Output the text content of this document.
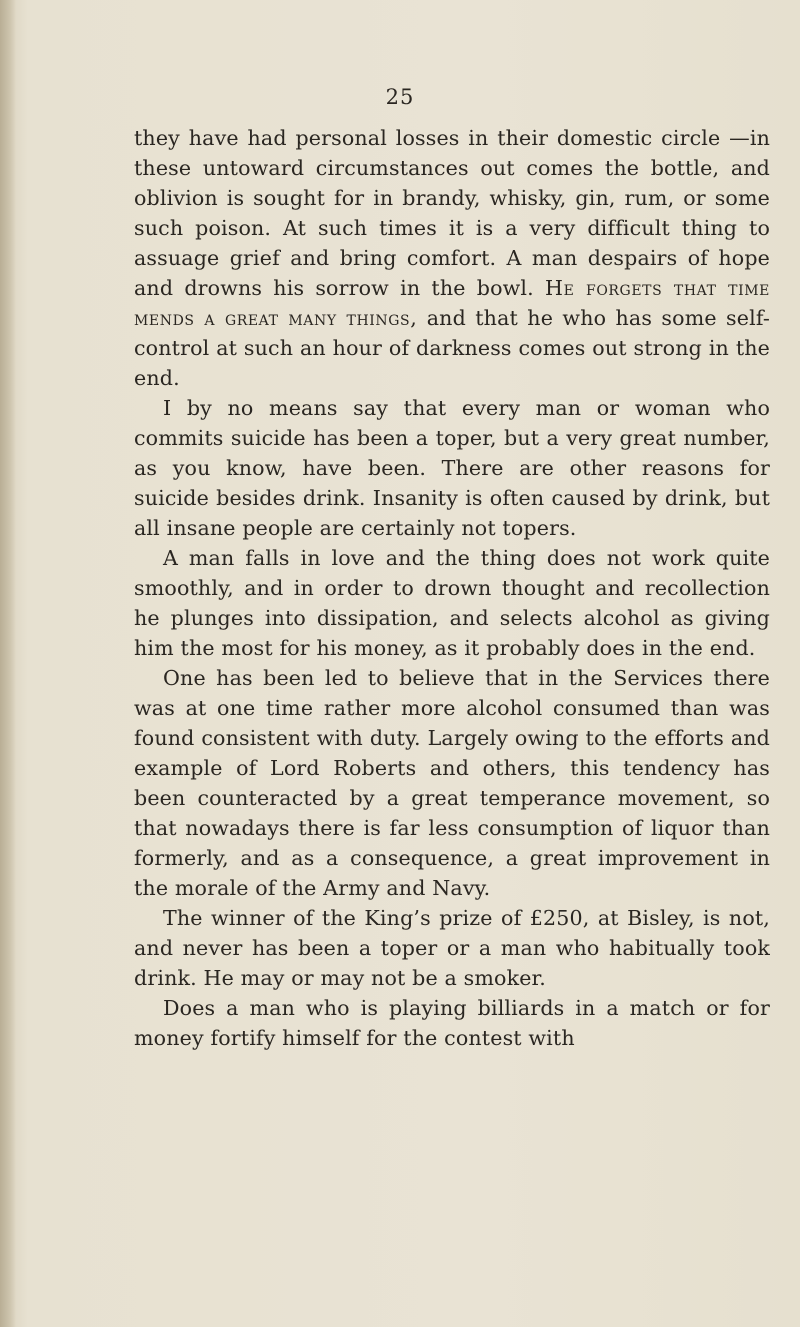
25

they have had personal losses in their domestic circle —in these untoward circumstances out comes the bottle, and oblivion is sought for in brandy, whisky, gin, rum, or some such poison. At such times it is a very difficult thing to assuage grief and bring comfort. A man despairs of hope and drowns his sorrow in the bowl. He forgets that time mends a great many things, and that he who has some self-control at such an hour of darkness comes out strong in the end.

I by no means say that every man or woman who commits suicide has been a toper, but a very great number, as you know, have been. There are other reasons for suicide besides drink. Insanity is often caused by drink, but all insane people are certainly not topers.

A man falls in love and the thing does not work quite smoothly, and in order to drown thought and recollection he plunges into dissipation, and selects alcohol as giving him the most for his money, as it probably does in the end.

One has been led to believe that in the Services there was at one time rather more alcohol consumed than was found consistent with duty. Largely owing to the efforts and example of Lord Roberts and others, this tendency has been counteracted by a great temperance movement, so that nowadays there is far less consumption of liquor than formerly, and as a consequence, a great improvement in the morale of the Army and Navy.

The winner of the King’s prize of £250, at Bisley, is not, and never has been a toper or a man who habitually took drink. He may or may not be a smoker.

Does a man who is playing billiards in a match or for money fortify himself for the contest with
